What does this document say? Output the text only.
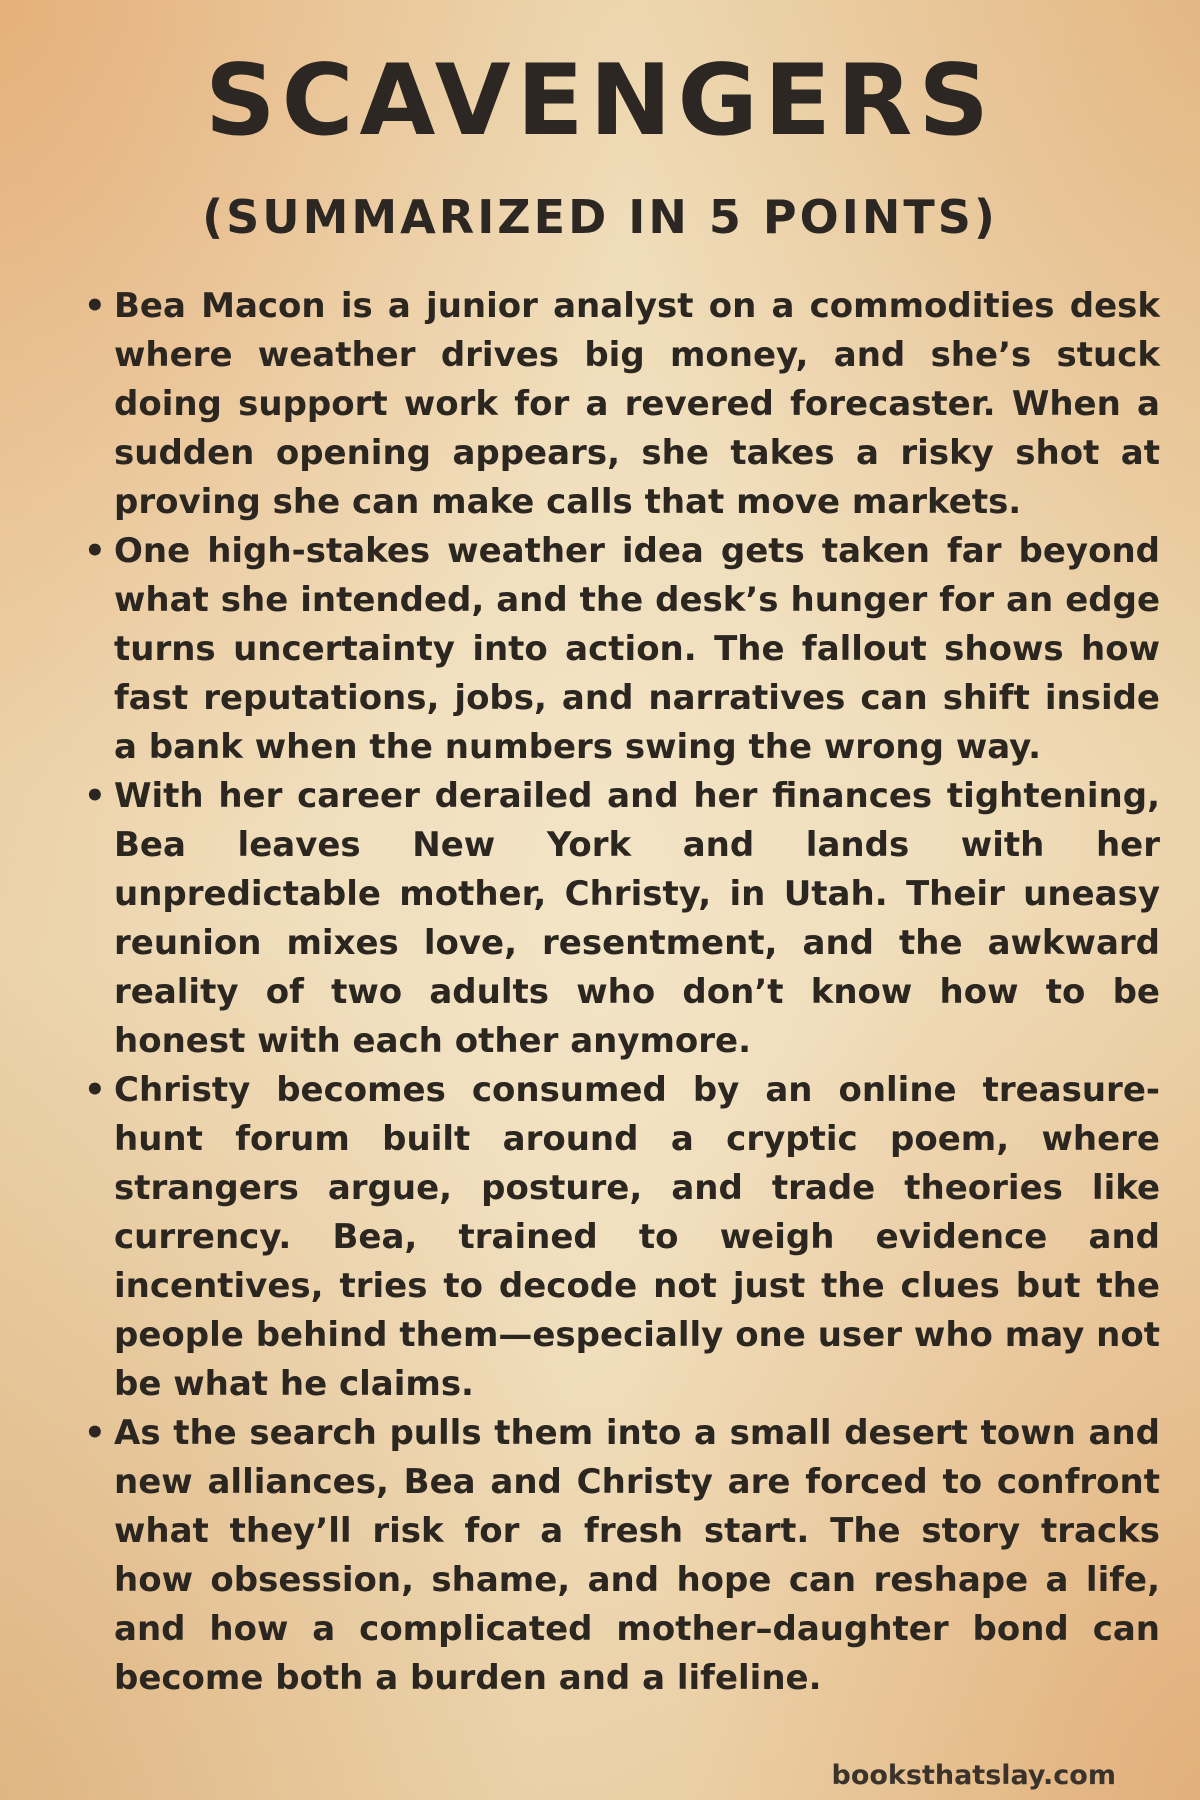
SCAVENGERS
(SUMMARIZED IN 5 POINTS)
• Bea Macon is a junior analyst on a commodities desk where weather drives big money, and she’s stuck doing support work for a revered forecaster. When a sudden opening appears, she takes a risky shot at proving she can make calls that move markets.
• One high-stakes weather idea gets taken far beyond what she intended, and the desk’s hunger for an edge turns uncertainty into action. The fallout shows how fast reputations, jobs, and narratives can shift inside a bank when the numbers swing the wrong way.
• With her career derailed and her finances tightening, Bea leaves New York and lands with her unpredictable mother, Christy, in Utah. Their uneasy reunion mixes love, resentment, and the awkward reality of two adults who don’t know how to be honest with each other anymore.
• Christy becomes consumed by an online treasure-hunt forum built around a cryptic poem, where strangers argue, posture, and trade theories like currency. Bea, trained to weigh evidence and incentives, tries to decode not just the clues but the people behind them—especially one user who may not be what he claims.
• As the search pulls them into a small desert town and new alliances, Bea and Christy are forced to confront what they’ll risk for a fresh start. The story tracks how obsession, shame, and hope can reshape a life, and how a complicated mother–daughter bond can become both a burden and a lifeline.
booksthatslay.com
